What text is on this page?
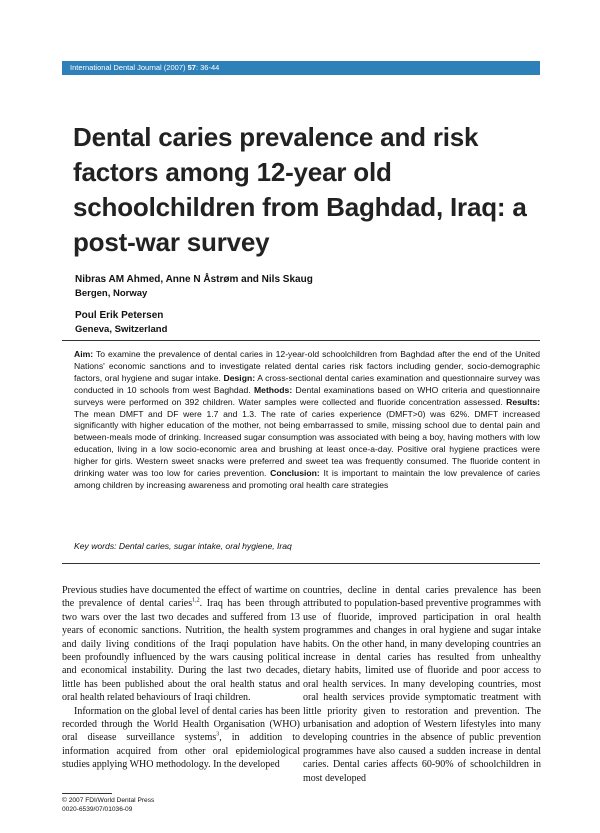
International Dental Journal (2007) 57: 36-44
Dental caries prevalence and risk factors among 12-year old schoolchildren from Baghdad, Iraq: a post-war survey
Nibras AM Ahmed, Anne N Åstrøm and Nils Skaug
Bergen, Norway
Poul Erik Petersen
Geneva, Switzerland

Aim: To examine the prevalence of dental caries in 12-year-old schoolchildren from Baghdad after the end of the United Nations' economic sanctions and to investigate related dental caries risk factors including gender, socio-demographic factors, oral hygiene and sugar intake. Design: A cross-sectional dental caries examination and questionnaire survey was conducted in 10 schools from west Baghdad. Methods: Dental examinations based on WHO criteria and questionnaire surveys were performed on 392 children. Water samples were collected and fluoride concentration assessed. Results: The mean DMFT and DF were 1.7 and 1.3. The rate of caries experience (DMFT>0) was 62%. DMFT increased significantly with higher education of the mother, not being embarrassed to smile, missing school due to dental pain and between-meals mode of drinking. Increased sugar consumption was associated with being a boy, having mothers with low education, living in a low socio-economic area and brushing at least once-a-day. Positive oral hygiene practices were higher for girls. Western sweet snacks were preferred and sweet tea was frequently consumed. The fluoride content in drinking water was too low for caries prevention. Conclusion: It is important to maintain the low prevalence of caries among children by increasing awareness and promoting oral health care strategies

Key words: Dental caries, sugar intake, oral hygiene, Iraq

Previous studies have documented the effect of wartime on the prevalence of dental caries$^{1,2}$. Iraq has been through two wars over the last two decades and suffered from 13 years of economic sanctions. Nutrition, the health system and daily living conditions of the Iraqi population have been profoundly influenced by the wars causing political and economical instability. During the last two decades, little has been published about the oral health status and oral health related behaviours of Iraqi children.

Information on the global level of dental caries has been recorded through the World Health Organisation (WHO) oral disease surveillance systems$^3$, in addition to information acquired from other oral epidemiological studies applying WHO methodology. In the developed

countries, decline in dental caries prevalence has been attributed to population-based preventive programmes with use of fluoride, improved participation in oral health programmes and changes in oral hygiene and sugar intake habits. On the other hand, in many developing countries an increase in dental caries has resulted from unhealthy dietary habits, limited use of fluoride and poor access to oral health services. In many developing countries, most oral health services provide symptomatic treatment with little priority given to restoration and prevention. The urbanisation and adoption of Western lifestyles into many developing countries in the absence of public prevention programmes have also caused a sudden increase in dental caries. Dental caries affects 60-90% of schoolchildren in most developed

© 2007 FDI/World Dental Press
0020-6539/07/01036-09
